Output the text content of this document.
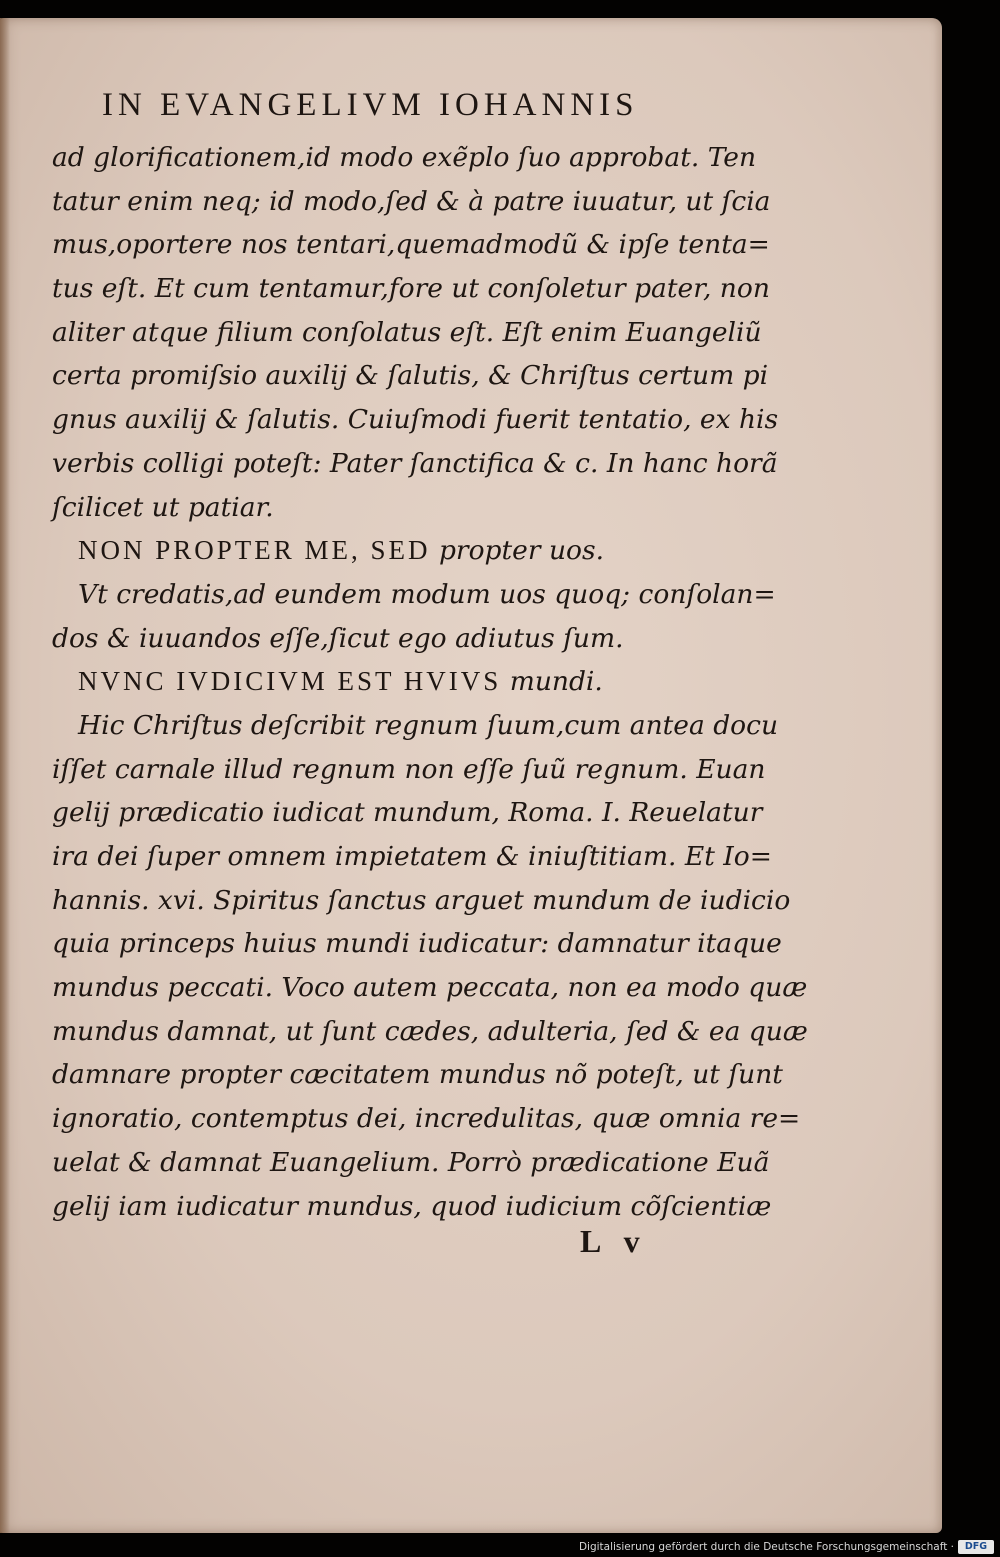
IN EVANGELIVM IOHANNIS
ad glorificationem,id modo exẽplo ſuo approbat. Ten
tatur enim neq; id modo,ſed & à patre iuuatur, ut ſcia
mus,oportere nos tentari,quemadmodũ & ipſe tenta=
tus eſt. Et cum tentamur,fore ut conſoletur pater, non
aliter atque filium conſolatus eſt. Eſt enim Euangeliũ
certa promiſsio auxilij & ſalutis, & Chriſtus certum pi
gnus auxilij & ſalutis. Cuiuſmodi fuerit tentatio, ex his
verbis colligi poteſt: Pater ſanctifica & c. In hanc horã
ſcilicet ut patiar.
NON PROPTER ME, SED propter uos.
Vt credatis,ad eundem modum uos quoq; conſolan=
dos & iuuandos eſſe,ſicut ego adiutus ſum.
NVNC IVDICIVM EST HVIVS mundi.
Hic Chriſtus deſcribit regnum ſuum,cum antea docu
iſſet carnale illud regnum non eſſe ſuũ regnum. Euan
gelij prædicatio iudicat mundum, Roma. I. Reuelatur
ira dei ſuper omnem impietatem & iniuſtitiam. Et Io=
hannis. xvi. Spiritus ſanctus arguet mundum de iudicio
quia princeps huius mundi iudicatur: damnatur itaque
mundus peccati. Voco autem peccata, non ea modo quæ
mundus damnat, ut ſunt cædes, adulteria, ſed & ea quæ
damnare propter cæcitatem mundus nõ poteſt, ut ſunt
ignoratio, contemptus dei, incredulitas, quæ omnia re=
uelat & damnat Euangelium. Porrò prædicatione Euã
gelij iam iudicatur mundus, quod iudicium cõſcientiæ
L v
Digitalisierung gefördert durch die Deutsche Forschungsgemeinschaft ·	DFG
